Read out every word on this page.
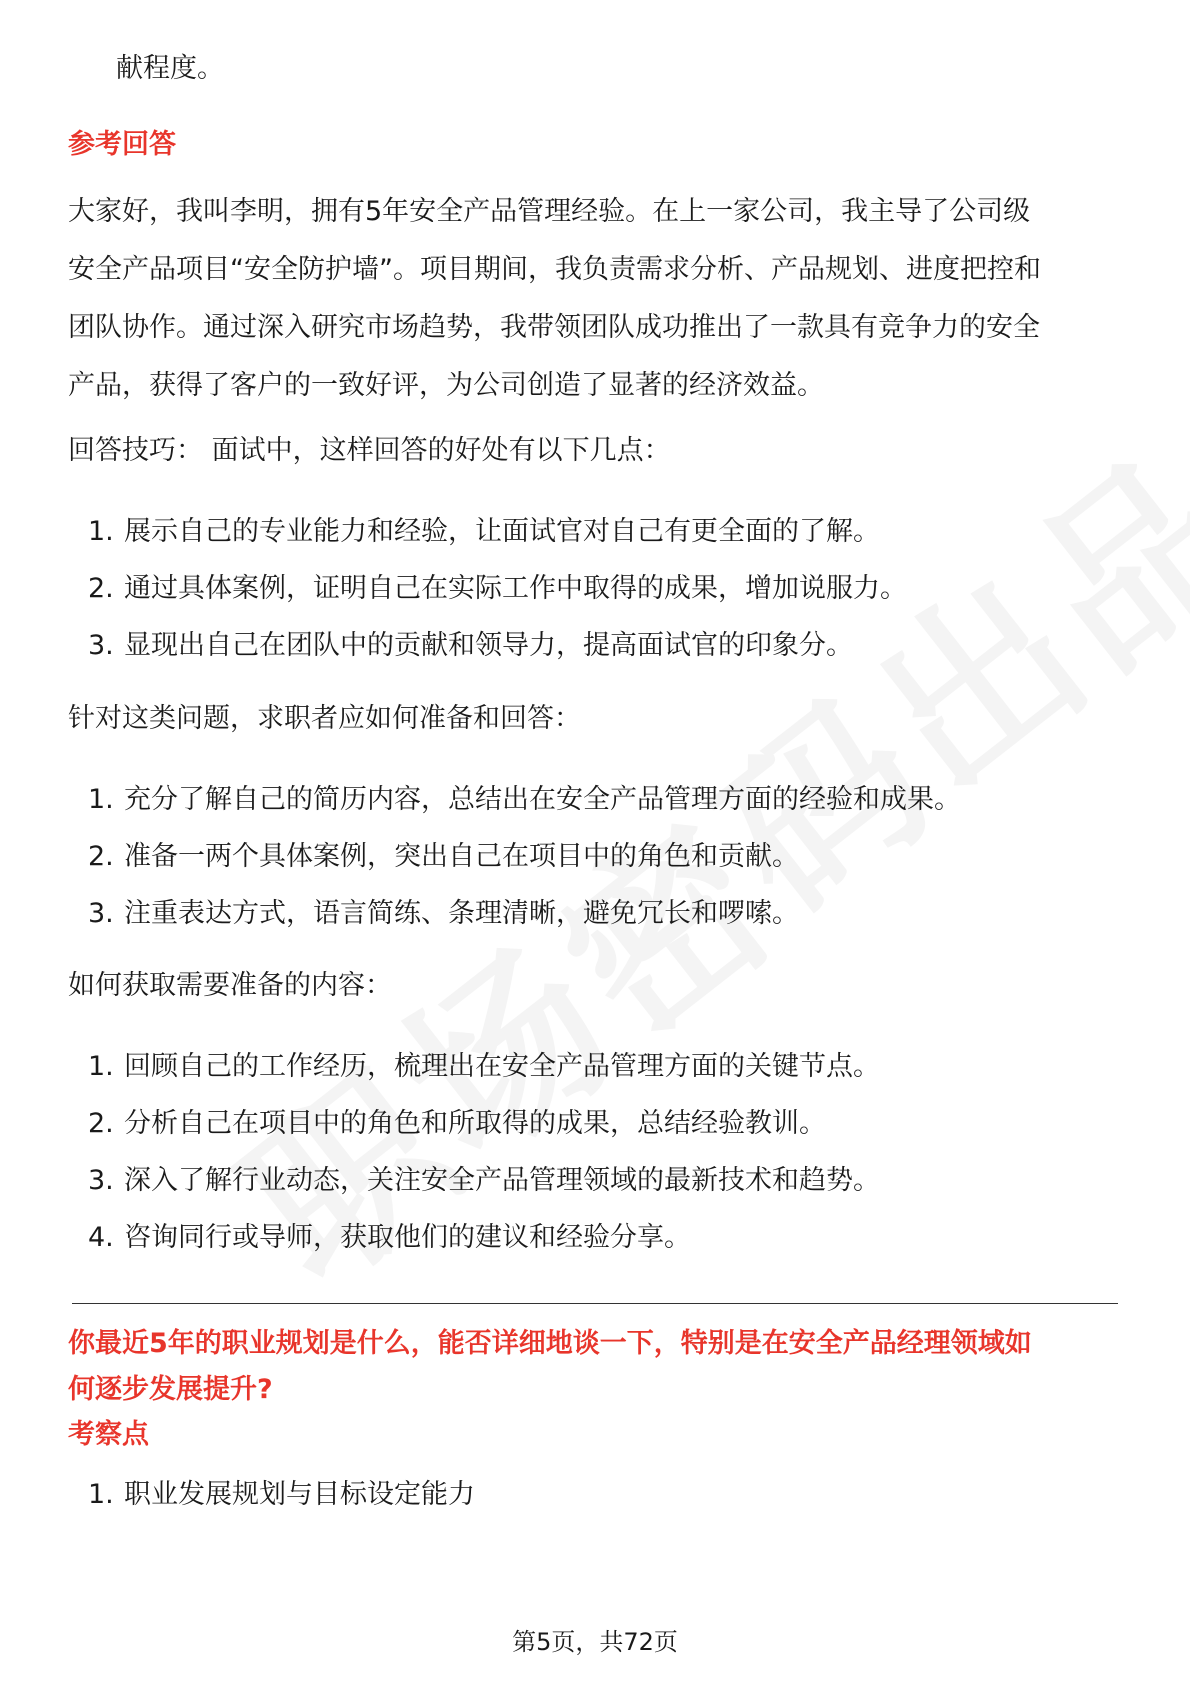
献程度。

参考回答

大家好，我叫李明，拥有5年安全产品管理经验。在上一家公司，我主导了公司级
安全产品项目“安全防护墙”。项目期间，我负责需求分析、产品规划、进度把控和
团队协作。通过深入研究市场趋势，我带领团队成功推出了一款具有竞争力的安全
产品，获得了客户的一致好评，为公司创造了显著的经济效益。

回答技巧： 面试中，这样回答的好处有以下几点：

1. 展示自己的专业能力和经验，让面试官对自己有更全面的了解。
2. 通过具体案例，证明自己在实际工作中取得的成果，增加说服力。
3. 显现出自己在团队中的贡献和领导力，提高面试官的印象分。

针对这类问题，求职者应如何准备和回答：

1. 充分了解自己的简历内容，总结出在安全产品管理方面的经验和成果。
2. 准备一两个具体案例，突出自己在项目中的角色和贡献。
3. 注重表达方式，语言简练、条理清晰，避免冗长和啰嗦。

如何获取需要准备的内容：

1. 回顾自己的工作经历，梳理出在安全产品管理方面的关键节点。
2. 分析自己在项目中的角色和所取得的成果，总结经验教训。
3. 深入了解行业动态，关注安全产品管理领域的最新技术和趋势。
4. 咨询同行或导师，获取他们的建议和经验分享。
你最近5年的职业规划是什么，能否详细地谈一下，特别是在安全产品经理领域如
何逐步发展提升?

考察点

1. 职业发展规划与目标设定能力
第5页，共72页
